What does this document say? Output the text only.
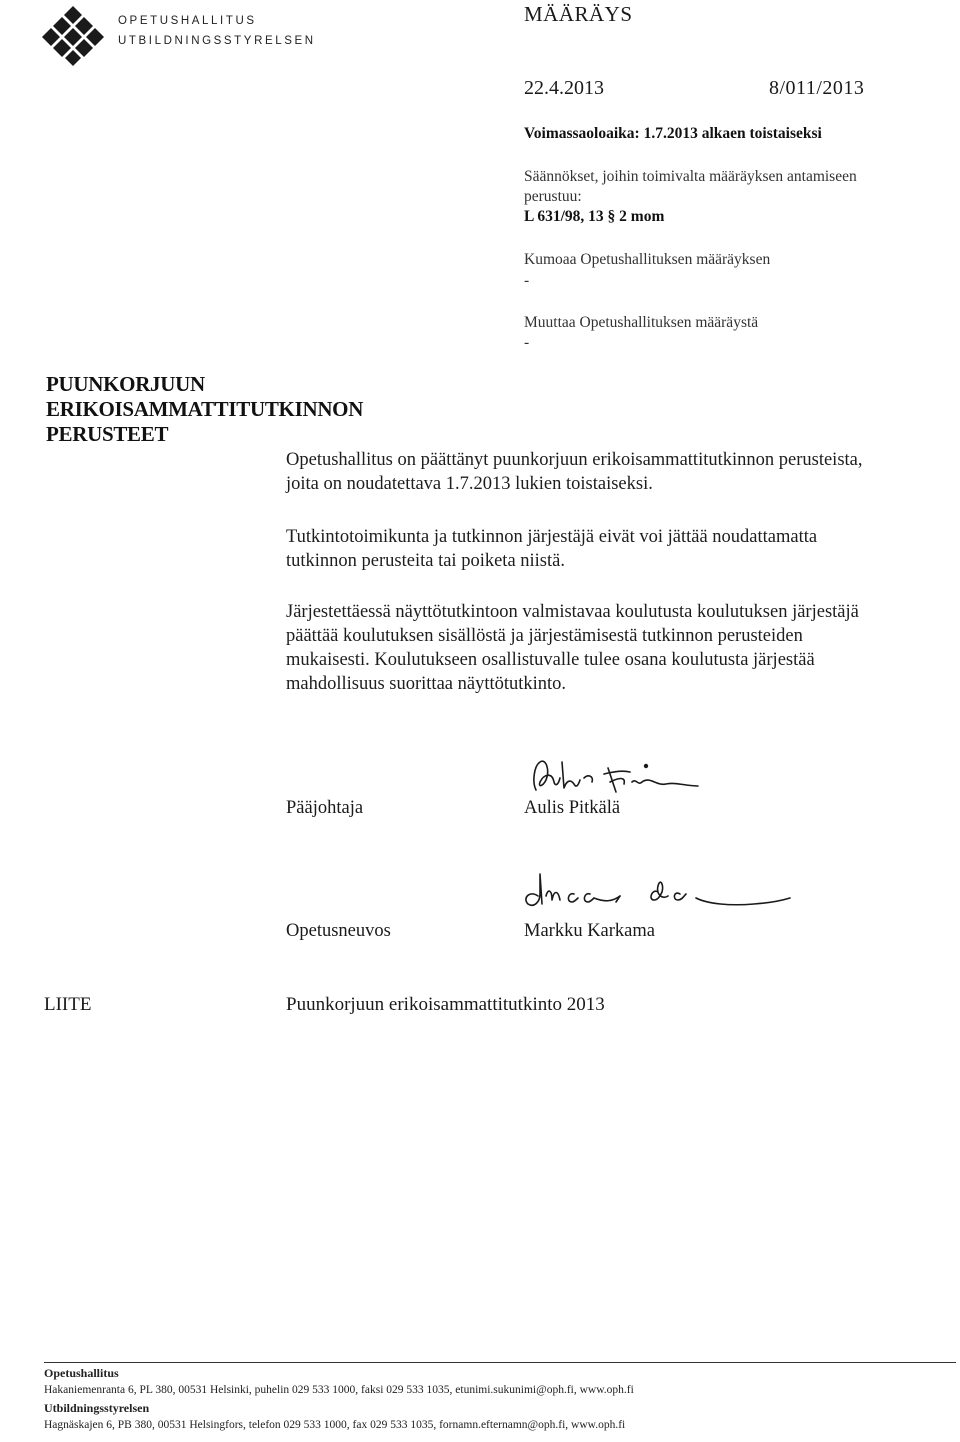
OPETUSHALLITUS
UTBILDNINGSSTYRELSEN
MÄÄRÄYS
22.4.2013	8/011/2013
Voimassaoloaika: 1.7.2013 alkaen toistaiseksi
Säännökset, joihin toimivalta määräyksen antamiseen
perustuu:
L 631/98, 13 § 2 mom
Kumoaa Opetushallituksen määräyksen
-
Muuttaa Opetushallituksen määräystä
-
PUUNKORJUUN
ERIKOISAMMATTITUTKINNON
PERUSTEET

Opetushallitus on päättänyt puunkorjuun erikoisammattitutkinnon perusteista,

joita on noudatettava 1.7.2013 lukien toistaiseksi.

Tutkintotoimikunta ja tutkinnon järjestäjä eivät voi jättää noudattamatta

tutkinnon perusteita tai poiketa niistä.

Järjestettäessä näyttötutkintoon valmistavaa koulutusta koulutuksen järjestäjä

päättää koulutuksen sisällöstä ja järjestämisestä tutkinnon perusteiden

mukaisesti. Koulutukseen osallistuvalle tulee osana koulutusta järjestää

mahdollisuus suorittaa näyttötutkinto.

Pääjohtaja	Aulis Pitkälä
Opetusneuvos	Markku Karkama
LIITE	Puunkorjuun erikoisammattitutkinto 2013
Opetushallitus
Hakaniemenranta 6, PL 380, 00531 Helsinki, puhelin 029 533 1000, faksi 029 533 1035, etunimi.sukunimi@oph.fi, www.oph.fi
Utbildningsstyrelsen
Hagnäskajen 6, PB 380, 00531 Helsingfors, telefon 029 533 1000, fax 029 533 1035, fornamn.efternamn@oph.fi, www.oph.fi
